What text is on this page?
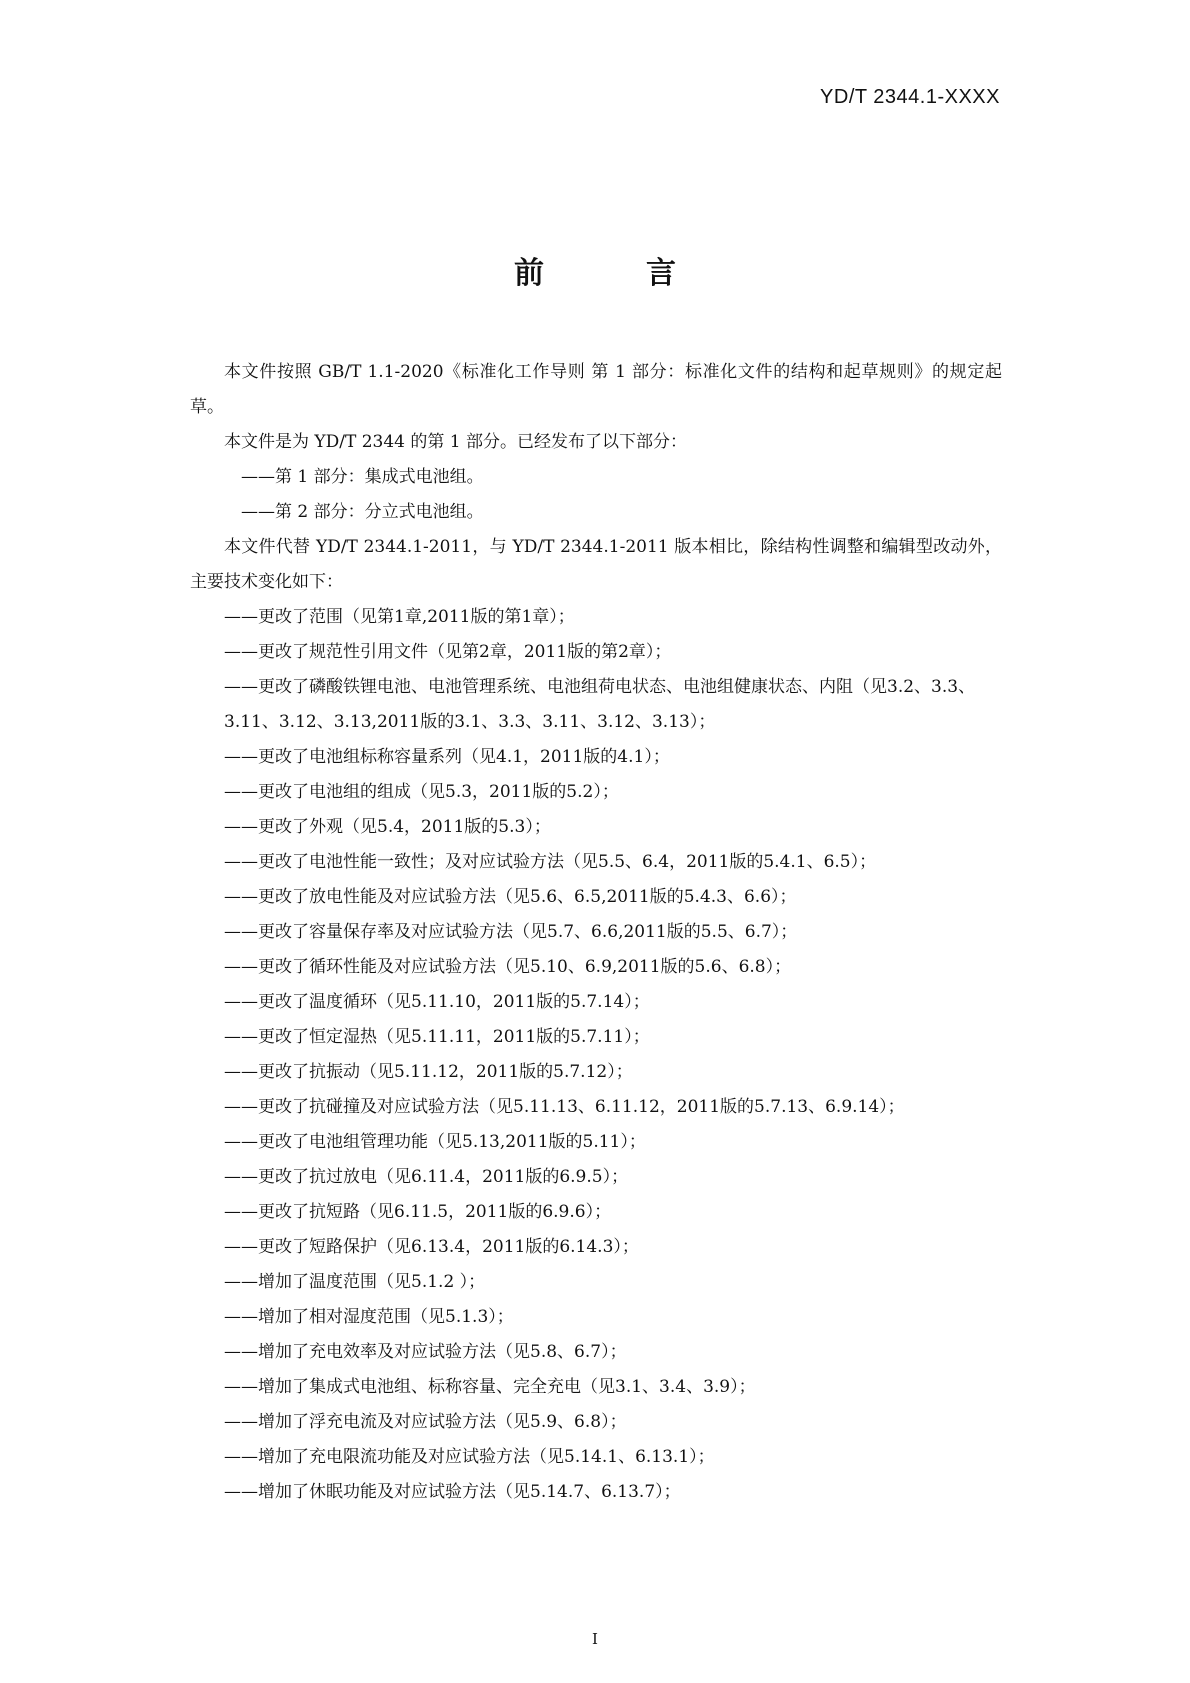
YD/T 2344.1-XXXX
前　言

本文件按照 GB/T 1.1-2020《标准化工作导则 第 1 部分：标准化文件的结构和起草规则》的规定起草。

本文件是为 YD/T 2344 的第 1 部分。已经发布了以下部分：

——第 1 部分：集成式电池组。

——第 2 部分：分立式电池组。

本文件代替 YD/T 2344.1-2011，与 YD/T 2344.1-2011 版本相比，除结构性调整和编辑型改动外，主要技术变化如下：

——更改了范围（见第1章,2011版的第1章）；

——更改了规范性引用文件（见第2章，2011版的第2章）；

——更改了磷酸铁锂电池、电池管理系统、电池组荷电状态、电池组健康状态、内阻（见3.2、3.3、3.11、3.12、3.13,2011版的3.1、3.3、3.11、3.12、3.13）；

——更改了电池组标称容量系列（见4.1，2011版的4.1）；

——更改了电池组的组成（见5.3，2011版的5.2）；

——更改了外观（见5.4，2011版的5.3）；

——更改了电池性能一致性；及对应试验方法（见5.5、6.4，2011版的5.4.1、6.5）；

——更改了放电性能及对应试验方法（见5.6、6.5,2011版的5.4.3、6.6）；

——更改了容量保存率及对应试验方法（见5.7、6.6,2011版的5.5、6.7）；

——更改了循环性能及对应试验方法（见5.10、6.9,2011版的5.6、6.8）；

——更改了温度循环（见5.11.10，2011版的5.7.14）；

——更改了恒定湿热（见5.11.11，2011版的5.7.11）；

——更改了抗振动（见5.11.12，2011版的5.7.12）；

——更改了抗碰撞及对应试验方法（见5.11.13、6.11.12，2011版的5.7.13、6.9.14）；

——更改了电池组管理功能（见5.13,2011版的5.11）；

——更改了抗过放电（见6.11.4，2011版的6.9.5）；

——更改了抗短路（见6.11.5，2011版的6.9.6）；

——更改了短路保护（见6.13.4，2011版的6.14.3）；

——增加了温度范围（见5.1.2 ）；

——增加了相对湿度范围（见5.1.3）；

——增加了充电效率及对应试验方法（见5.8、6.7）；

——增加了集成式电池组、标称容量、完全充电（见3.1、3.4、3.9）；

——增加了浮充电流及对应试验方法（见5.9、6.8）；

——增加了充电限流功能及对应试验方法（见5.14.1、6.13.1）；

——增加了休眠功能及对应试验方法（见5.14.7、6.13.7）；

I
